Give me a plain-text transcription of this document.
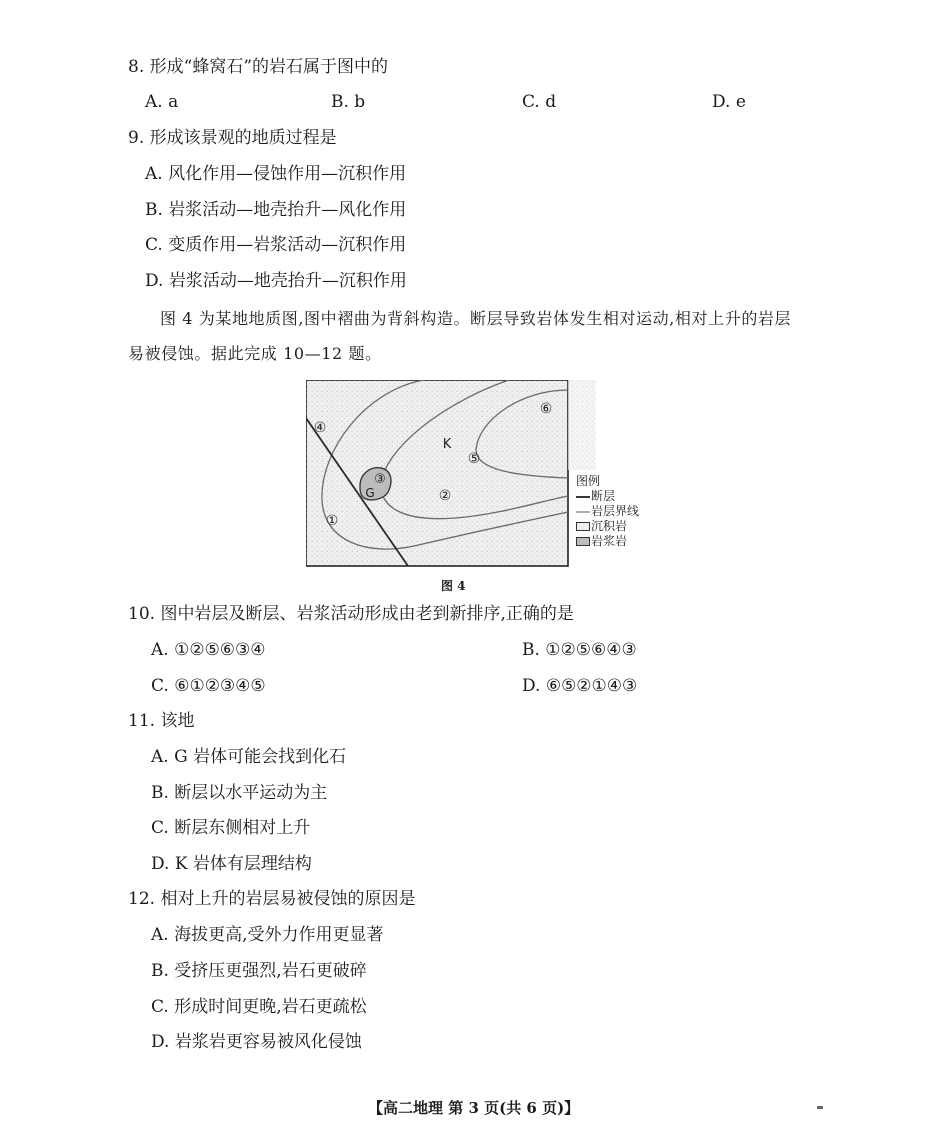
8. 形成“蜂窝石”的岩石属于图中的
A. a	B. b	C. d	D. e
9. 形成该景观的地质过程是
A. 风化作用—侵蚀作用—沉积作用
B. 岩浆活动—地壳抬升—风化作用
C. 变质作用—岩浆活动—沉积作用
D. 岩浆活动—地壳抬升—沉积作用
图 4 为某地地质图,图中褶曲为背斜构造。断层导致岩体发生相对运动,相对上升的岩层
易被侵蚀。据此完成 10—12 题。
④
⑥
K
⑤
③
G	②
①
图例
断层
岩层界线
沉积岩
岩浆岩
图 4
10. 图中岩层及断层、岩浆活动形成由老到新排序,正确的是
A. ①②⑤⑥③④	B. ①②⑤⑥④③
C. ⑥①②③④⑤	D. ⑥⑤②①④③
11. 该地
A. G 岩体可能会找到化石
B. 断层以水平运动为主
C. 断层东侧相对上升
D. K 岩体有层理结构
12. 相对上升的岩层易被侵蚀的原因是
A. 海拔更高,受外力作用更显著
B. 受挤压更强烈,岩石更破碎
C. 形成时间更晚,岩石更疏松
D. 岩浆岩更容易被风化侵蚀
【高二地理 第 3 页(共 6 页)】
